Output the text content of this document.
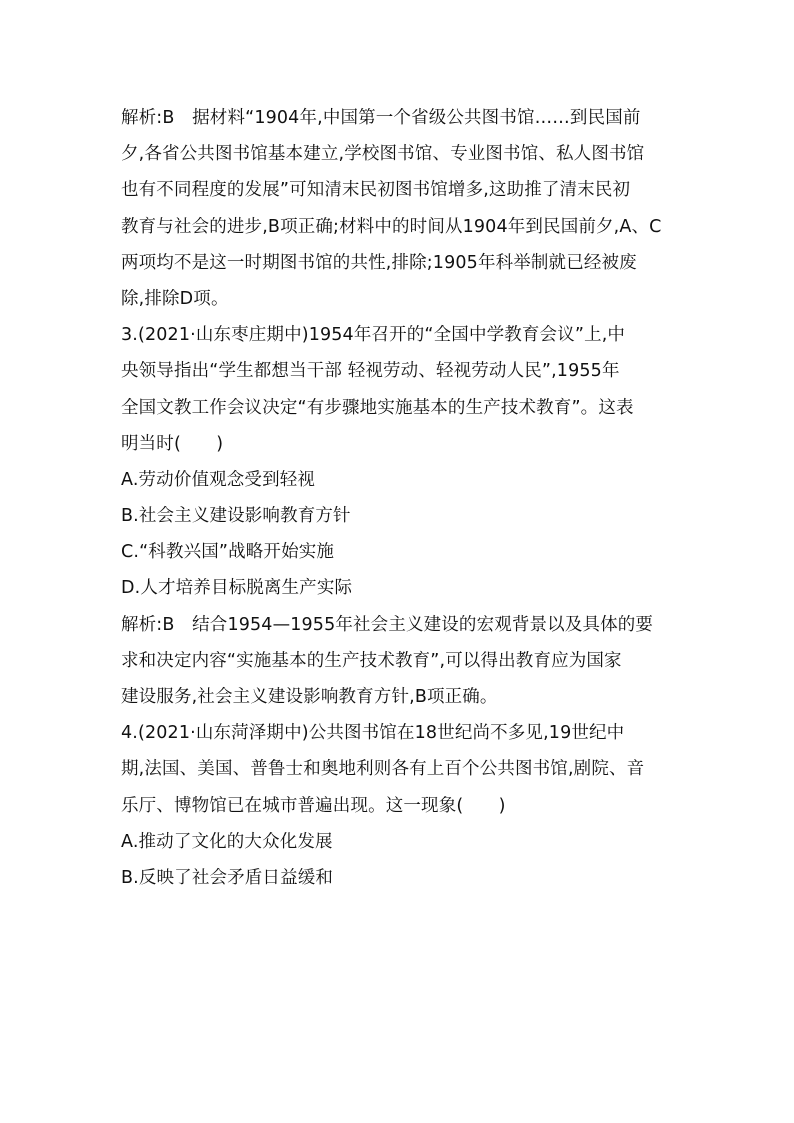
解析:B　据材料“1904年,中国第一个省级公共图书馆……到民国前
夕,各省公共图书馆基本建立,学校图书馆、专业图书馆、私人图书馆
也有不同程度的发展”可知清末民初图书馆增多,这助推了清末民初
教育与社会的进步,B项正确;材料中的时间从1904年到民国前夕,A、C
两项均不是这一时期图书馆的共性,排除;1905年科举制就已经被废
除,排除D项。
3.(2021·山东枣庄期中)1954年召开的“全国中学教育会议”上,中
央领导指出“学生都想当干部 轻视劳动、轻视劳动人民”,1955年
全国文教工作会议决定“有步骤地实施基本的生产技术教育”。这表
明当时(　　)
A.劳动价值观念受到轻视
B.社会主义建设影响教育方针
C.“科教兴国”战略开始实施
D.人才培养目标脱离生产实际
解析:B　结合1954—1955年社会主义建设的宏观背景以及具体的要
求和决定内容“实施基本的生产技术教育”,可以得出教育应为国家
建设服务,社会主义建设影响教育方针,B项正确。
4.(2021·山东菏泽期中)公共图书馆在18世纪尚不多见,19世纪中
期,法国、美国、普鲁士和奥地利则各有上百个公共图书馆,剧院、音
乐厅、博物馆已在城市普遍出现。这一现象(　　)
A.推动了文化的大众化发展
B.反映了社会矛盾日益缓和
